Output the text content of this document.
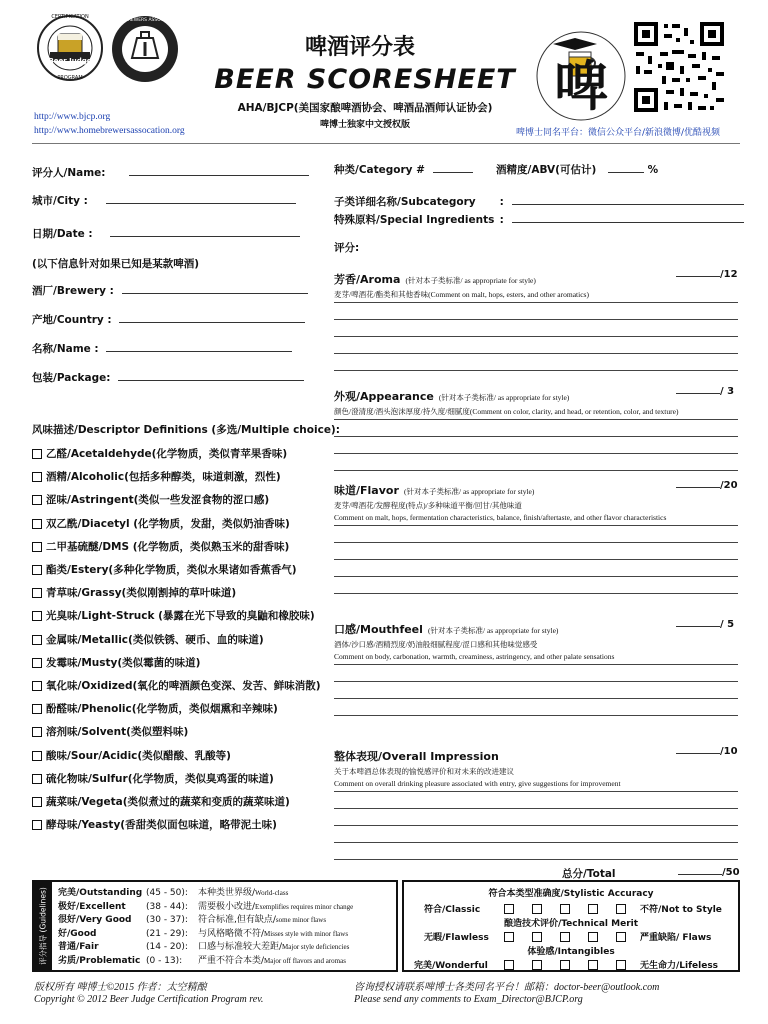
Beer Judge
CERTIFICATION
PROGRAM
HOMEBREWERS ASSOCIATION
啤酒评分表
BEER SCORESHEET
AHA/BJCP(美国家酿啤酒协会、啤酒品酒师认证协会)
啤博士独家中文授权版
http://www.bjcp.org
http://www.homebrewersassocation.org
啤
啤博士同名平台：微信公众平台/新浪微博/优酷视频
评分人/Name:
城市/City :
日期/Date :
(以下信息针对如果已知是某款啤酒)
酒厂/Brewery :
产地/Country :
名称/Name :
包装/Package:
风味描述/Descriptor Definitions (多选/Multiple choice):
乙醛/Acetaldehyde(化学物质，类似青苹果香味)
酒精/Alcoholic(包括多种醇类，味道刺激，烈性)
涩味/Astringent(类似一些发涩食物的涩口感)
双乙酰/Diacetyl (化学物质，发甜，类似奶油香味)
二甲基硫醚/DMS (化学物质，类似熟玉米的甜香味)
酯类/Estery(多种化学物质，类似水果诸如香蕉香气)
青草味/Grassy(类似刚割掉的草叶味道)
光臭味/Light-Struck (暴露在光下导致的臭鼬和橡胶味)
金属味/Metallic(类似铁锈、硬币、血的味道)
发霉味/Musty(类似霉菌的味道)
氧化味/Oxidized(氧化的啤酒颜色变深、发苦、鲜味消散)
酚醛味/Phenolic(化学物质，类似烟熏和辛辣味)
溶剂味/Solvent(类似塑料味)
酸味/Sour/Acidic(类似醋酸、乳酸等)
硫化物味/Sulfur(化学物质，类似臭鸡蛋的味道)
蔬菜味/Vegeta(类似煮过的蔬菜和变质的蔬菜味道)
酵母味/Yeasty(香甜类似面包味道，略带泥土味)
种类/Category #	酒精度/ABV(可估计)	%
子类详细名称/Subcategory :
特殊原料/Special Ingredients :
评分:
芳香/Aroma (针对本子类标准/ as appropriate for style)
/12
麦芽/啤酒花/酯类和其他香味(Comment on malt, hops, esters, and other aromatics)
外观/Appearance (针对本子类标准/ as appropriate for style)
/ 3
颜色/澄清度/酒头泡沫厚度/持久度/细腻度(Comment on color, clarity, and head, or retention, color, and texture)
味道/Flavor (针对本子类标准/ as appropriate for style)
/20
麦芽/啤酒花/发酵程度(特点)/多种味道平衡/回甘/其他味道
Comment on malt, hops, fermentation characteristics, balance, finish/aftertaste, and other flavor characteristics
口感/Mouthfeel (针对本子类标准/ as appropriate for style)
/ 5
酒体/沙口感/酒精烈度/奶油般细腻程度/涩口感和其他味觉感受
Comment on body, carbonation, warmth, creaminess, astringency, and other palate sensations
整体表现/Overall Impression	/10
关于本啤酒总体表现的愉悦感评价和对未来的改进建议
Comment on overall drinking pleasure associated with entry, give suggestions for improvement
总分/Total	/50
评分指导 (Guidelines) 完美/Outstanding (45 - 50): 本种类世界级/World-class
极好/Excellent (38 - 44): 需要极小改进/Exemplifies requires minor change
很好/Very Good (30 - 37): 符合标准,但有缺点/some minor flaws
好/Good	(21 - 29): 与风格略微不符/Misses style with minor flaws
普通/Fair	(14 - 20): 口感与标准较大差距/Major style deficiencies
劣质/Problematic (0 - 13): 严重不符合本类/Major off flavors and aromas
符合本类型准确度/Stylistic Accuracy
符合/Classic	不符/Not to Style
酿造技术评价/Technical Merit
无暇/Flawless	严重缺陷/ Flaws
体验感/Intangibles
完美/Wonderful	无生命力/Lifeless
版权所有 啤博士©2015 作者：太空精酿
Copyright © 2012 Beer Judge Certification Program rev.
咨询授权请联系啤博士各类同名平台！邮箱：doctor-beer@outlook.com
Please send any comments to Exam_Director@BJCP.org
